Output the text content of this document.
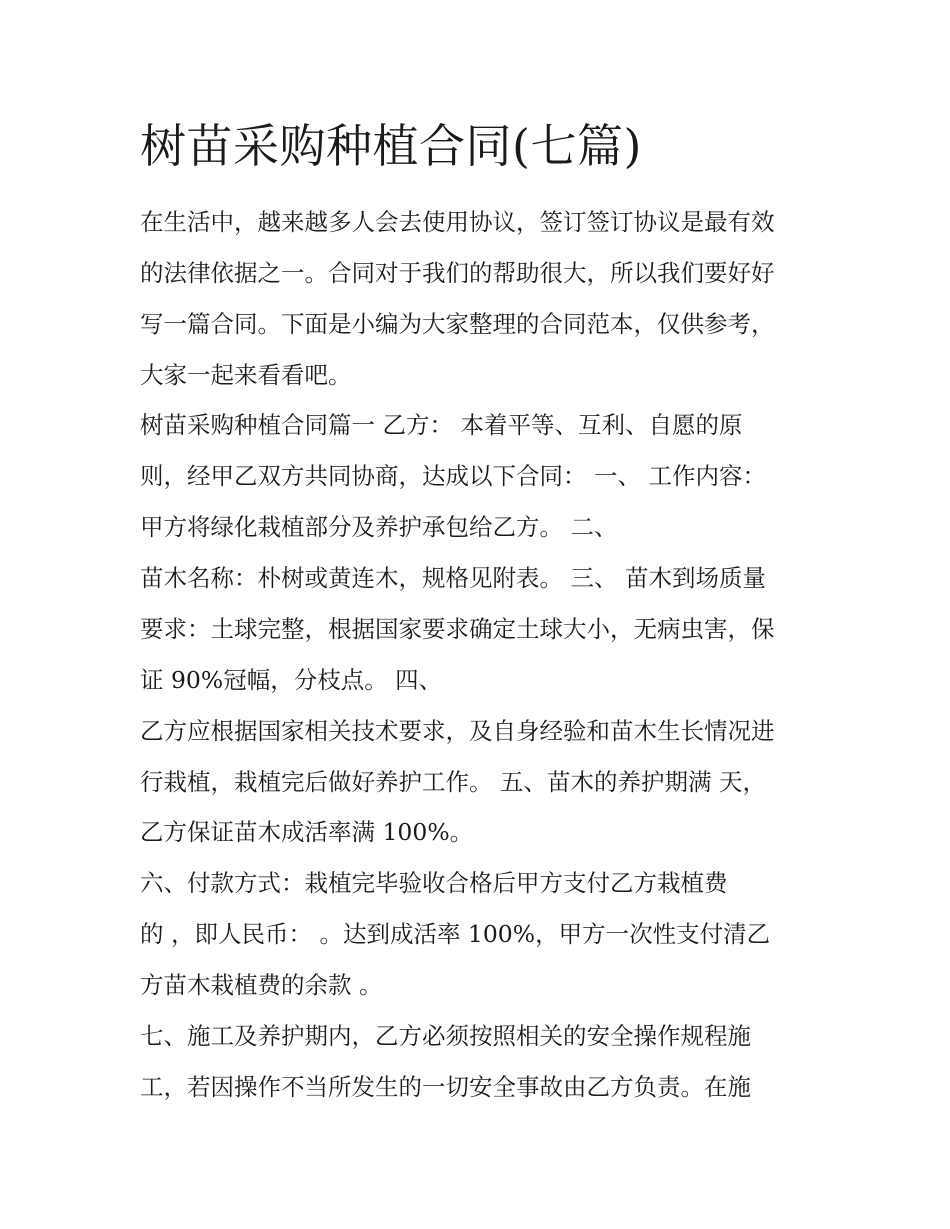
树苗采购种植合同(七篇)
在生活中，越来越多人会去使用协议，签订签订协议是最有效
的法律依据之一。合同对于我们的帮助很大，所以我们要好好
写一篇合同。下面是小编为大家整理的合同范本，仅供参考，
大家一起来看看吧。
树苗采购种植合同篇一 乙方： 本着平等、互利、自愿的原
则，经甲乙双方共同协商，达成以下合同： 一、 工作内容：
甲方将绿化栽植部分及养护承包给乙方。 二、
苗木名称：朴树或黄连木，规格见附表。 三、 苗木到场质量
要求：土球完整，根据国家要求确定土球大小，无病虫害，保
证 90%冠幅，分枝点。 四、
乙方应根据国家相关技术要求，及自身经验和苗木生长情况进
行栽植，栽植完后做好养护工作。 五、苗木的养护期满 天，
乙方保证苗木成活率满 100%。
六、付款方式：栽植完毕验收合格后甲方支付乙方栽植费
的 ，即人民币： 。达到成活率 100%，甲方一次性支付清乙
方苗木栽植费的余款 。
七、施工及养护期内，乙方必须按照相关的安全操作规程施
工，若因操作不当所发生的一切安全事故由乙方负责。在施
